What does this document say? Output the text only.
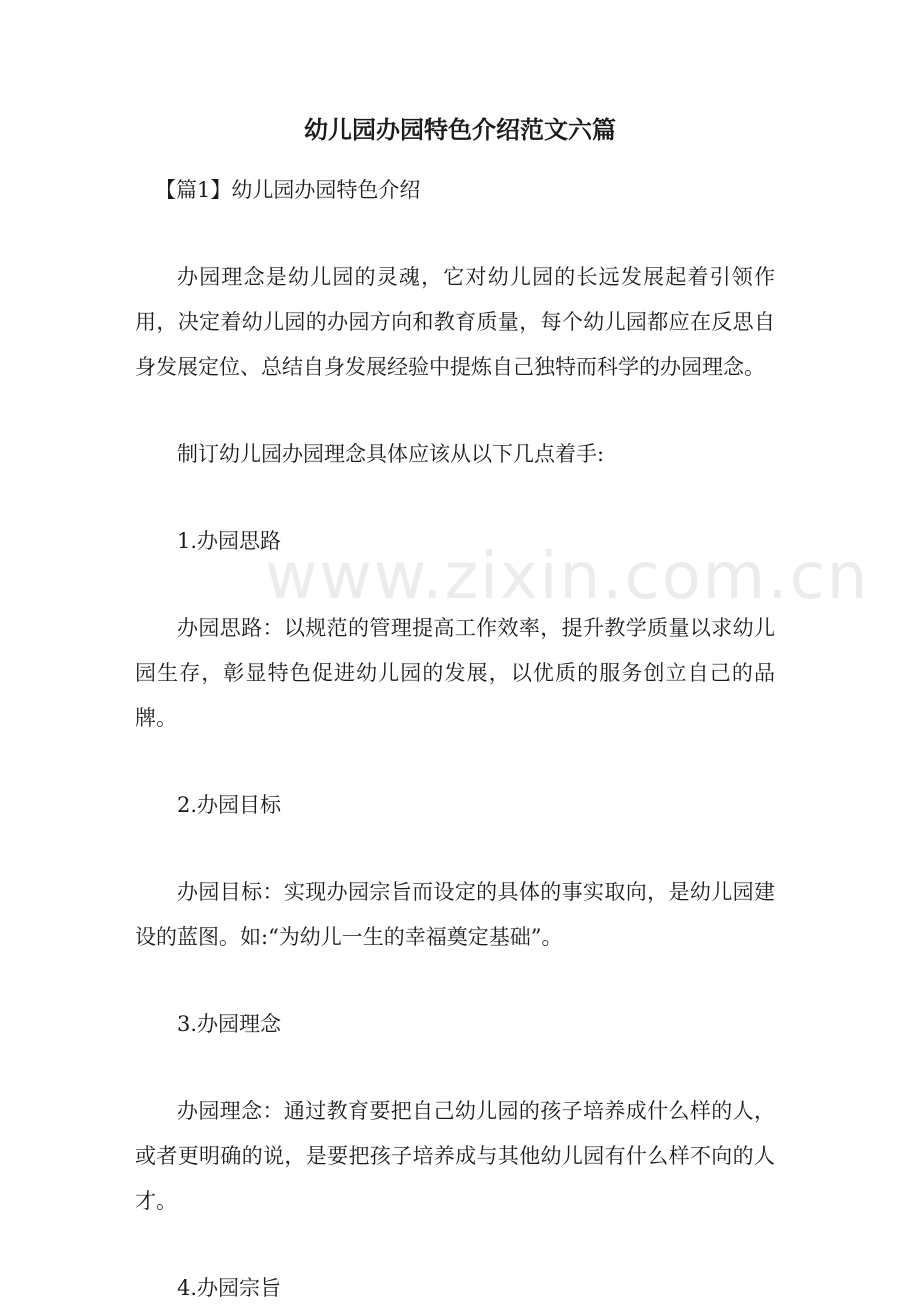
幼儿园办园特色介绍范文六篇

【篇1】幼儿园办园特色介绍

办园理念是幼儿园的灵魂，它对幼儿园的长远发展起着引领作用，决定着幼儿园的办园方向和教育质量，每个幼儿园都应在反思自身发展定位、总结自身发展经验中提炼自己独特而科学的办园理念。

制订幼儿园办园理念具体应该从以下几点着手:

1.办园思路

办园思路：以规范的管理提高工作效率，提升教学质量以求幼儿园生存，彰显特色促进幼儿园的发展，以优质的服务创立自己的品牌。

2.办园目标

办园目标：实现办园宗旨而设定的具体的事实取向，是幼儿园建设的蓝图。如:“为幼儿一生的幸福奠定基础”。

3.办园理念

办园理念：通过教育要把自己幼儿园的孩子培养成什么样的人，或者更明确的说，是要把孩子培养成与其他幼儿园有什么样不向的人才。

4.办园宗旨

www.zixin.com.cn
